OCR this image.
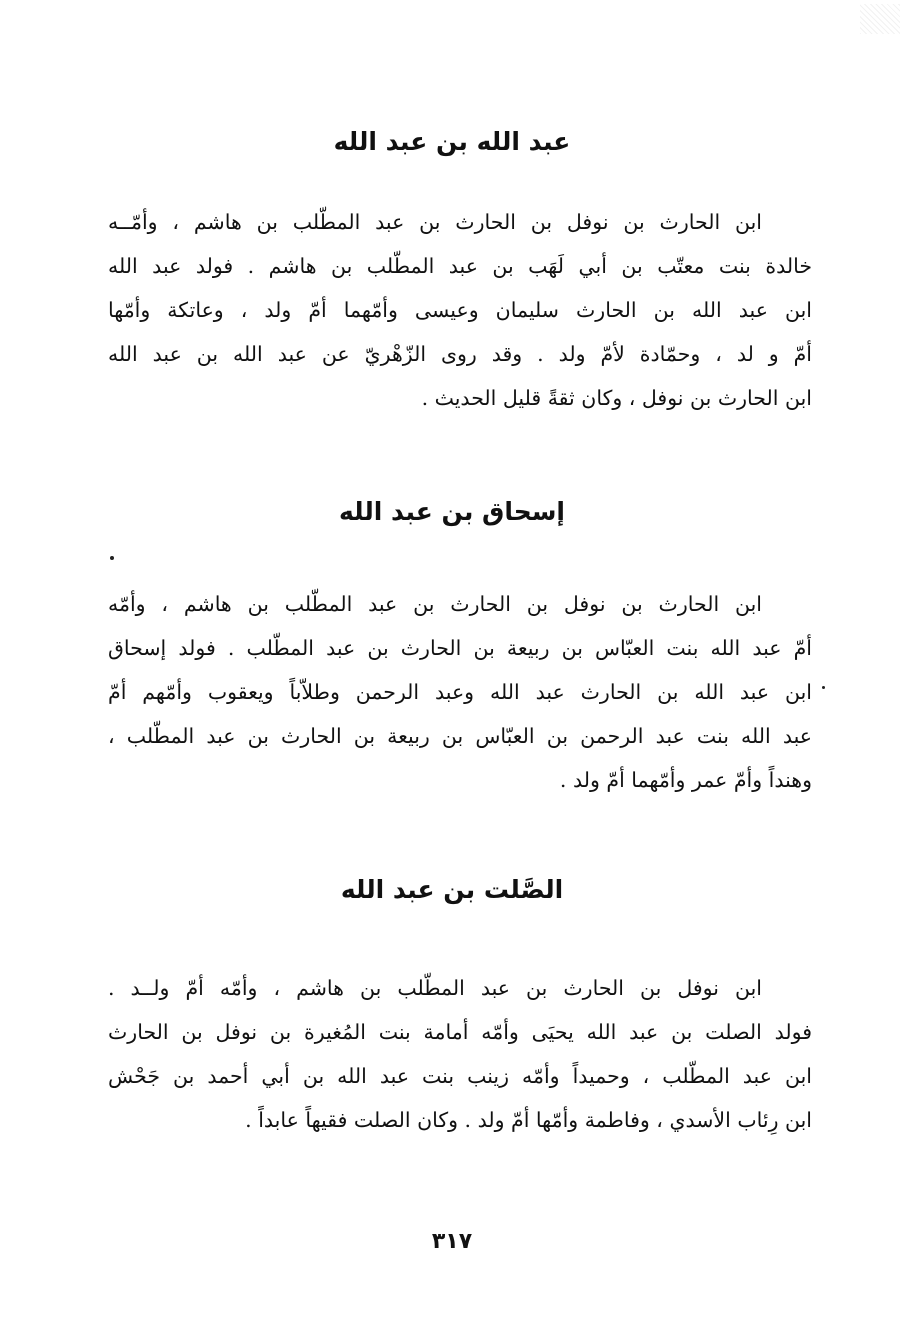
عبد الله بن عبد الله
ابن الحارث بن نوفل بن الحارث بن عبد المطّلب بن هاشم ، وأمّــه
خالدة بنت معتّب بن أبي لَهَب بن عبد المطّلب بن هاشم . فولد عبد الله
ابن عبد الله بن الحارث سليمان وعيسى وأمّهما أمّ ولد ، وعاتكة وأمّها
أمّ و لد ، وحمّادة لأمّ ولد . وقد روى الزّهْريّ عن عبد الله بن عبد الله
ابن الحارث بن نوفل ، وكان ثقةً قليل الحديث .
إسحاق بن عبد الله
ابن الحارث بن نوفل بن الحارث بن عبد المطّلب بن هاشم ، وأمّه
أمّ عبد الله بنت العبّاس بن ربيعة بن الحارث بن عبد المطّلب . فولد إسحاق
ابن عبد الله بن الحارث عبد الله وعبد الرحمن وطلاّباً ويعقوب وأمّهم أمّ
عبد الله بنت عبد الرحمن بن العبّاس بن ربيعة بن الحارث بن عبد المطّلب ،
وهنداً وأمّ عمر وأمّهما أمّ ولد .
الصَّلت بن عبد الله
ابن نوفل بن الحارث بن عبد المطّلب بن هاشم ، وأمّه أمّ ولــد .
فولد الصلت بن عبد الله يحيَى وأمّه أمامة بنت المُغيرة بن نوفل بن الحارث
ابن عبد المطّلب ، وحميداً وأمّه زينب بنت عبد الله بن أبي أحمد بن جَحْش
ابن رِئاب الأسدي ، وفاطمة وأمّها أمّ ولد . وكان الصلت فقيهاً عابداً .
٣١٧
